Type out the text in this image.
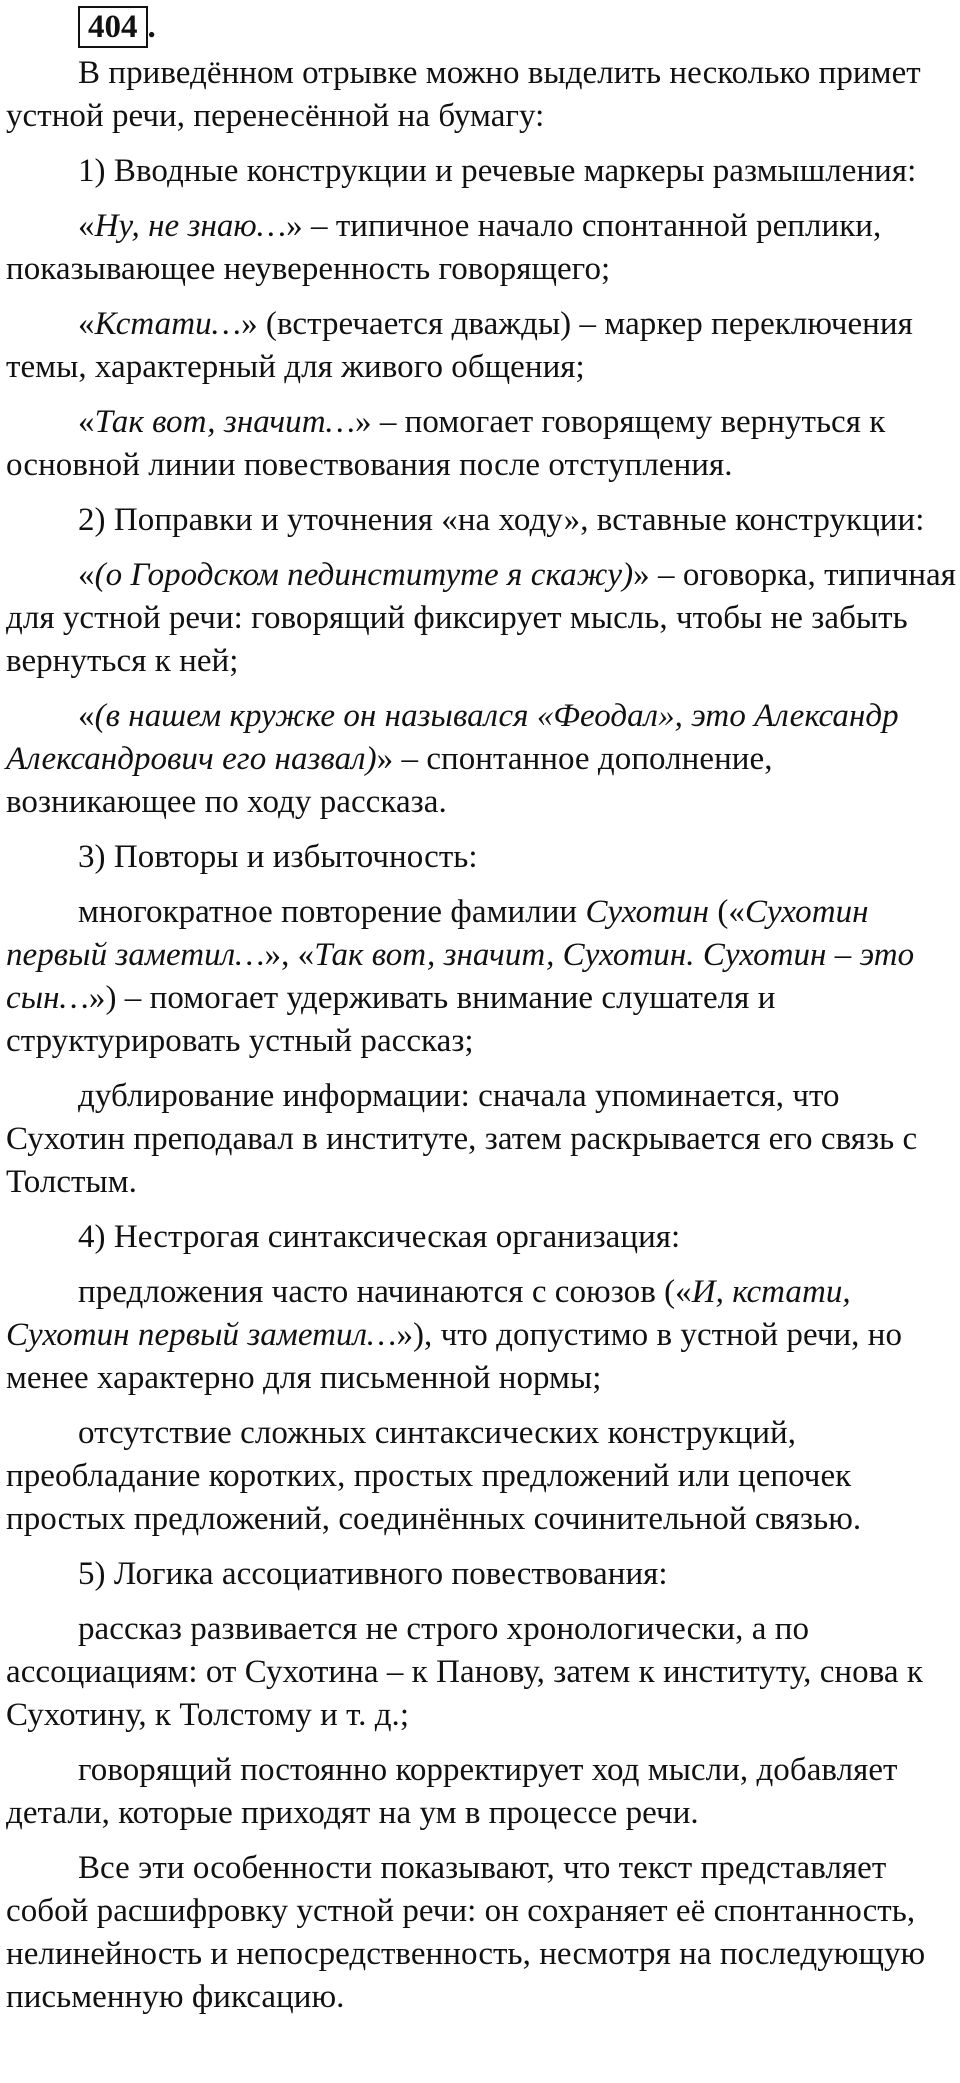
404 .

В приведённом отрывке можно выделить несколько примет устной речи, перенесённой на бумагу:

1) Вводные конструкции и речевые маркеры размышления:

«Ну, не знаю…» – типичное начало спонтанной реплики, показывающее неуверенность говорящего;

«Кстати…» (встречается дважды) – маркер переключения темы, характерный для живого общения;

«Так вот, значит…» – помогает говорящему вернуться к основной линии повествования после отступления.

2) Поправки и уточнения «на ходу», вставные конструкции:

«(о Городском пединституте я скажу)» – оговорка, типичная для устной речи: говорящий фиксирует мысль, чтобы не забыть вернуться к ней;

«(в нашем кружке он назывался «Феодал», это Александр Александрович его назвал)» – спонтанное дополнение, возникающее по ходу рассказа.

3) Повторы и избыточность:

многократное повторение фамилии Сухотин («Сухотин первый заметил…», «Так вот, значит, Сухотин. Сухотин – это сын…») – помогает удерживать внимание слушателя и структурировать устный рассказ;

дублирование информации: сначала упоминается, что Сухотин преподавал в институте, затем раскрывается его связь с Толстым.

4) Нестрогая синтаксическая организация:

предложения часто начинаются с союзов («И, кстати, Сухотин первый заметил…»), что допустимо в устной речи, но менее характерно для письменной нормы;

отсутствие сложных синтаксических конструкций, преобладание коротких, простых предложений или цепочек простых предложений, соединённых сочинительной связью.

5) Логика ассоциативного повествования:

рассказ развивается не строго хронологически, а по ассоциациям: от Сухотина – к Панову, затем к институту, снова к Сухотину, к Толстому и т. д.;

говорящий постоянно корректирует ход мысли, добавляет детали, которые приходят на ум в процессе речи.

Все эти особенности показывают, что текст представляет собой расшифровку устной речи: он сохраняет её спонтанность, нелинейность и непосредственность, несмотря на последующую письменную фиксацию.
